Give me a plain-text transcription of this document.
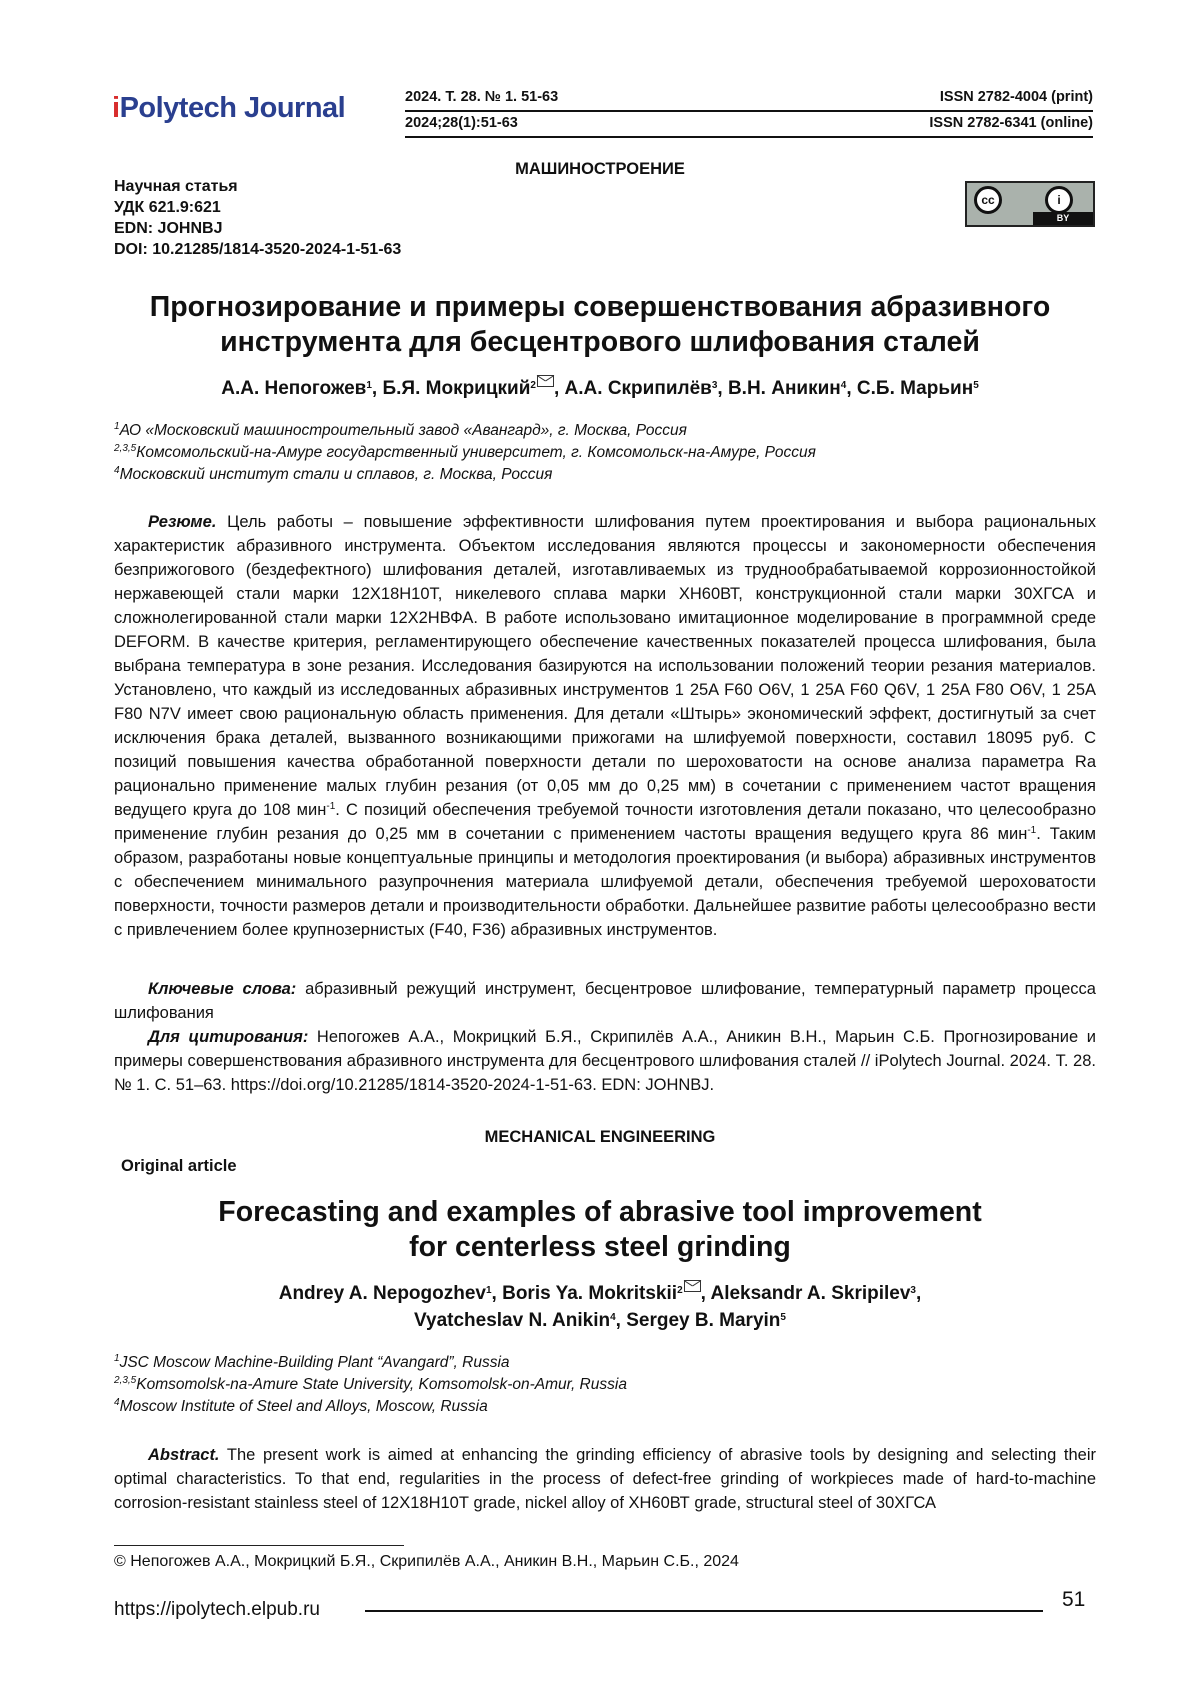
iPolytech Journal	2024. Т. 28. № 1. 51-63
2024;28(1):51-63
ISSN 2782-4004 (print)
ISSN 2782-6341 (online)
МАШИНОСТРОЕНИЕ
Научная статья
УДК 621.9:621
EDN: JOHNBJ
DOI: 10.21285/1814-3520-2024-1-51-63
cc	i
BY
Прогнозирование и примеры совершенствования абразивного
инструмента для бесцентрового шлифования сталей
А.А. Непогожев$^1$, Б.Я. Мокрицкий$^2$ , А.А. Скрипилёв$^3$, В.Н. Аникин$^4$, С.Б. Марьин$^5$
$^1$АО «Московский машиностроительный завод «Авангард», г. Москва, Россия
$^{2,3,5}$Комсомольский-на-Амуре государственный университет, г. Комсомольск-на-Амуре, Россия
$^4$Московский институт стали и сплавов, г. Москва, Россия
Резюме. Цель работы – повышение эффективности шлифования путем проектирования и выбора рациональных характеристик абразивного инструмента. Объектом исследования являются процессы и закономерности обеспечения безприжогового (бездефектного) шлифования деталей, изготавливаемых из труднообрабатываемой коррозионностойкой нержавеющей стали марки 12Х18Н10Т, никелевого сплава марки ХН60ВТ, конструкционной стали марки 30ХГСА и сложнолегированной стали марки 12Х2НВФА. В работе использовано имитационное моделирование в программной среде DEFORM. В качестве критерия, регламентирующего обеспечение качественных показателей процесса шлифования, была выбрана температура в зоне резания. Исследования базируются на использовании положений теории резания материалов. Установлено, что каждый из исследованных абразивных инструментов 1 25A F60 O6V, 1 25A F60 Q6V, 1 25A F80 O6V, 1 25A F80 N7V имеет свою рациональную область применения. Для детали «Штырь» экономический эффект, достигнутый за счет исключения брака деталей, вызванного возникающими прижогами на шлифуемой поверхности, составил 18095 руб. С позиций повышения качества обработанной поверхности детали по шероховатости на основе анализа параметра Ra рационально применение малых глубин резания (от 0,05 мм до 0,25 мм) в сочетании с применением частот вращения ведущего круга до 108 мин$^{-1}$. С позиций обеспечения требуемой точности изготовления детали показано, что целесообразно применение глубин резания до 0,25 мм в сочетании с применением частоты вращения ведущего круга 86 мин$^{-1}$. Таким образом, разработаны новые концептуальные принципы и методология проектирования (и выбора) абразивных инструментов с обеспечением минимального разупрочнения материала шлифуемой детали, обеспечения требуемой шероховатости поверхности, точности размеров детали и производительности обработки. Дальнейшее развитие работы целесообразно вести с привлечением более крупнозернистых (F40, F36) абразивных инструментов.
Ключевые слова: абразивный режущий инструмент, бесцентровое шлифование, температурный параметр процесса шлифования
Для цитирования: Непогожев А.А., Мокрицкий Б.Я., Скрипилёв А.А., Аникин В.Н., Марьин С.Б. Прогнозирование и примеры совершенствования абразивного инструмента для бесцентрового шлифования сталей // iPolytech Journal. 2024. Т. 28. № 1. С. 51–63. https://doi.org/10.21285/1814-3520-2024-1-51-63. EDN: JOHNBJ.
MECHANICAL ENGINEERING
Original article
Forecasting and examples of abrasive tool improvement
for centerless steel grinding
Andrey A. Nepogozhev$^1$, Boris Ya. Mokritskii$^2$ , Aleksandr A. Skripilev$^3$,
Vyatcheslav N. Anikin$^4$, Sergey B. Maryin$^5$
$^1$JSC Moscow Machine-Building Plant “Avangard”, Russia
$^{2,3,5}$Komsomolsk-na-Amure State University, Komsomolsk-on-Amur, Russia
$^4$Moscow Institute of Steel and Alloys, Moscow, Russia
Abstract. The present work is aimed at enhancing the grinding efficiency of abrasive tools by designing and selecting their optimal characteristics. To that end, regularities in the process of defect-free grinding of workpieces made of hard-to-machine corrosion-resistant stainless steel of 12Х18Н10Т grade, nickel alloy of ХН60ВТ grade, structural steel of 30ХГСА
© Непогожев А.А., Мокрицкий Б.Я., Скрипилёв А.А., Аникин В.Н., Марьин С.Б., 2024
https://ipolytech.elpub.ru	51
